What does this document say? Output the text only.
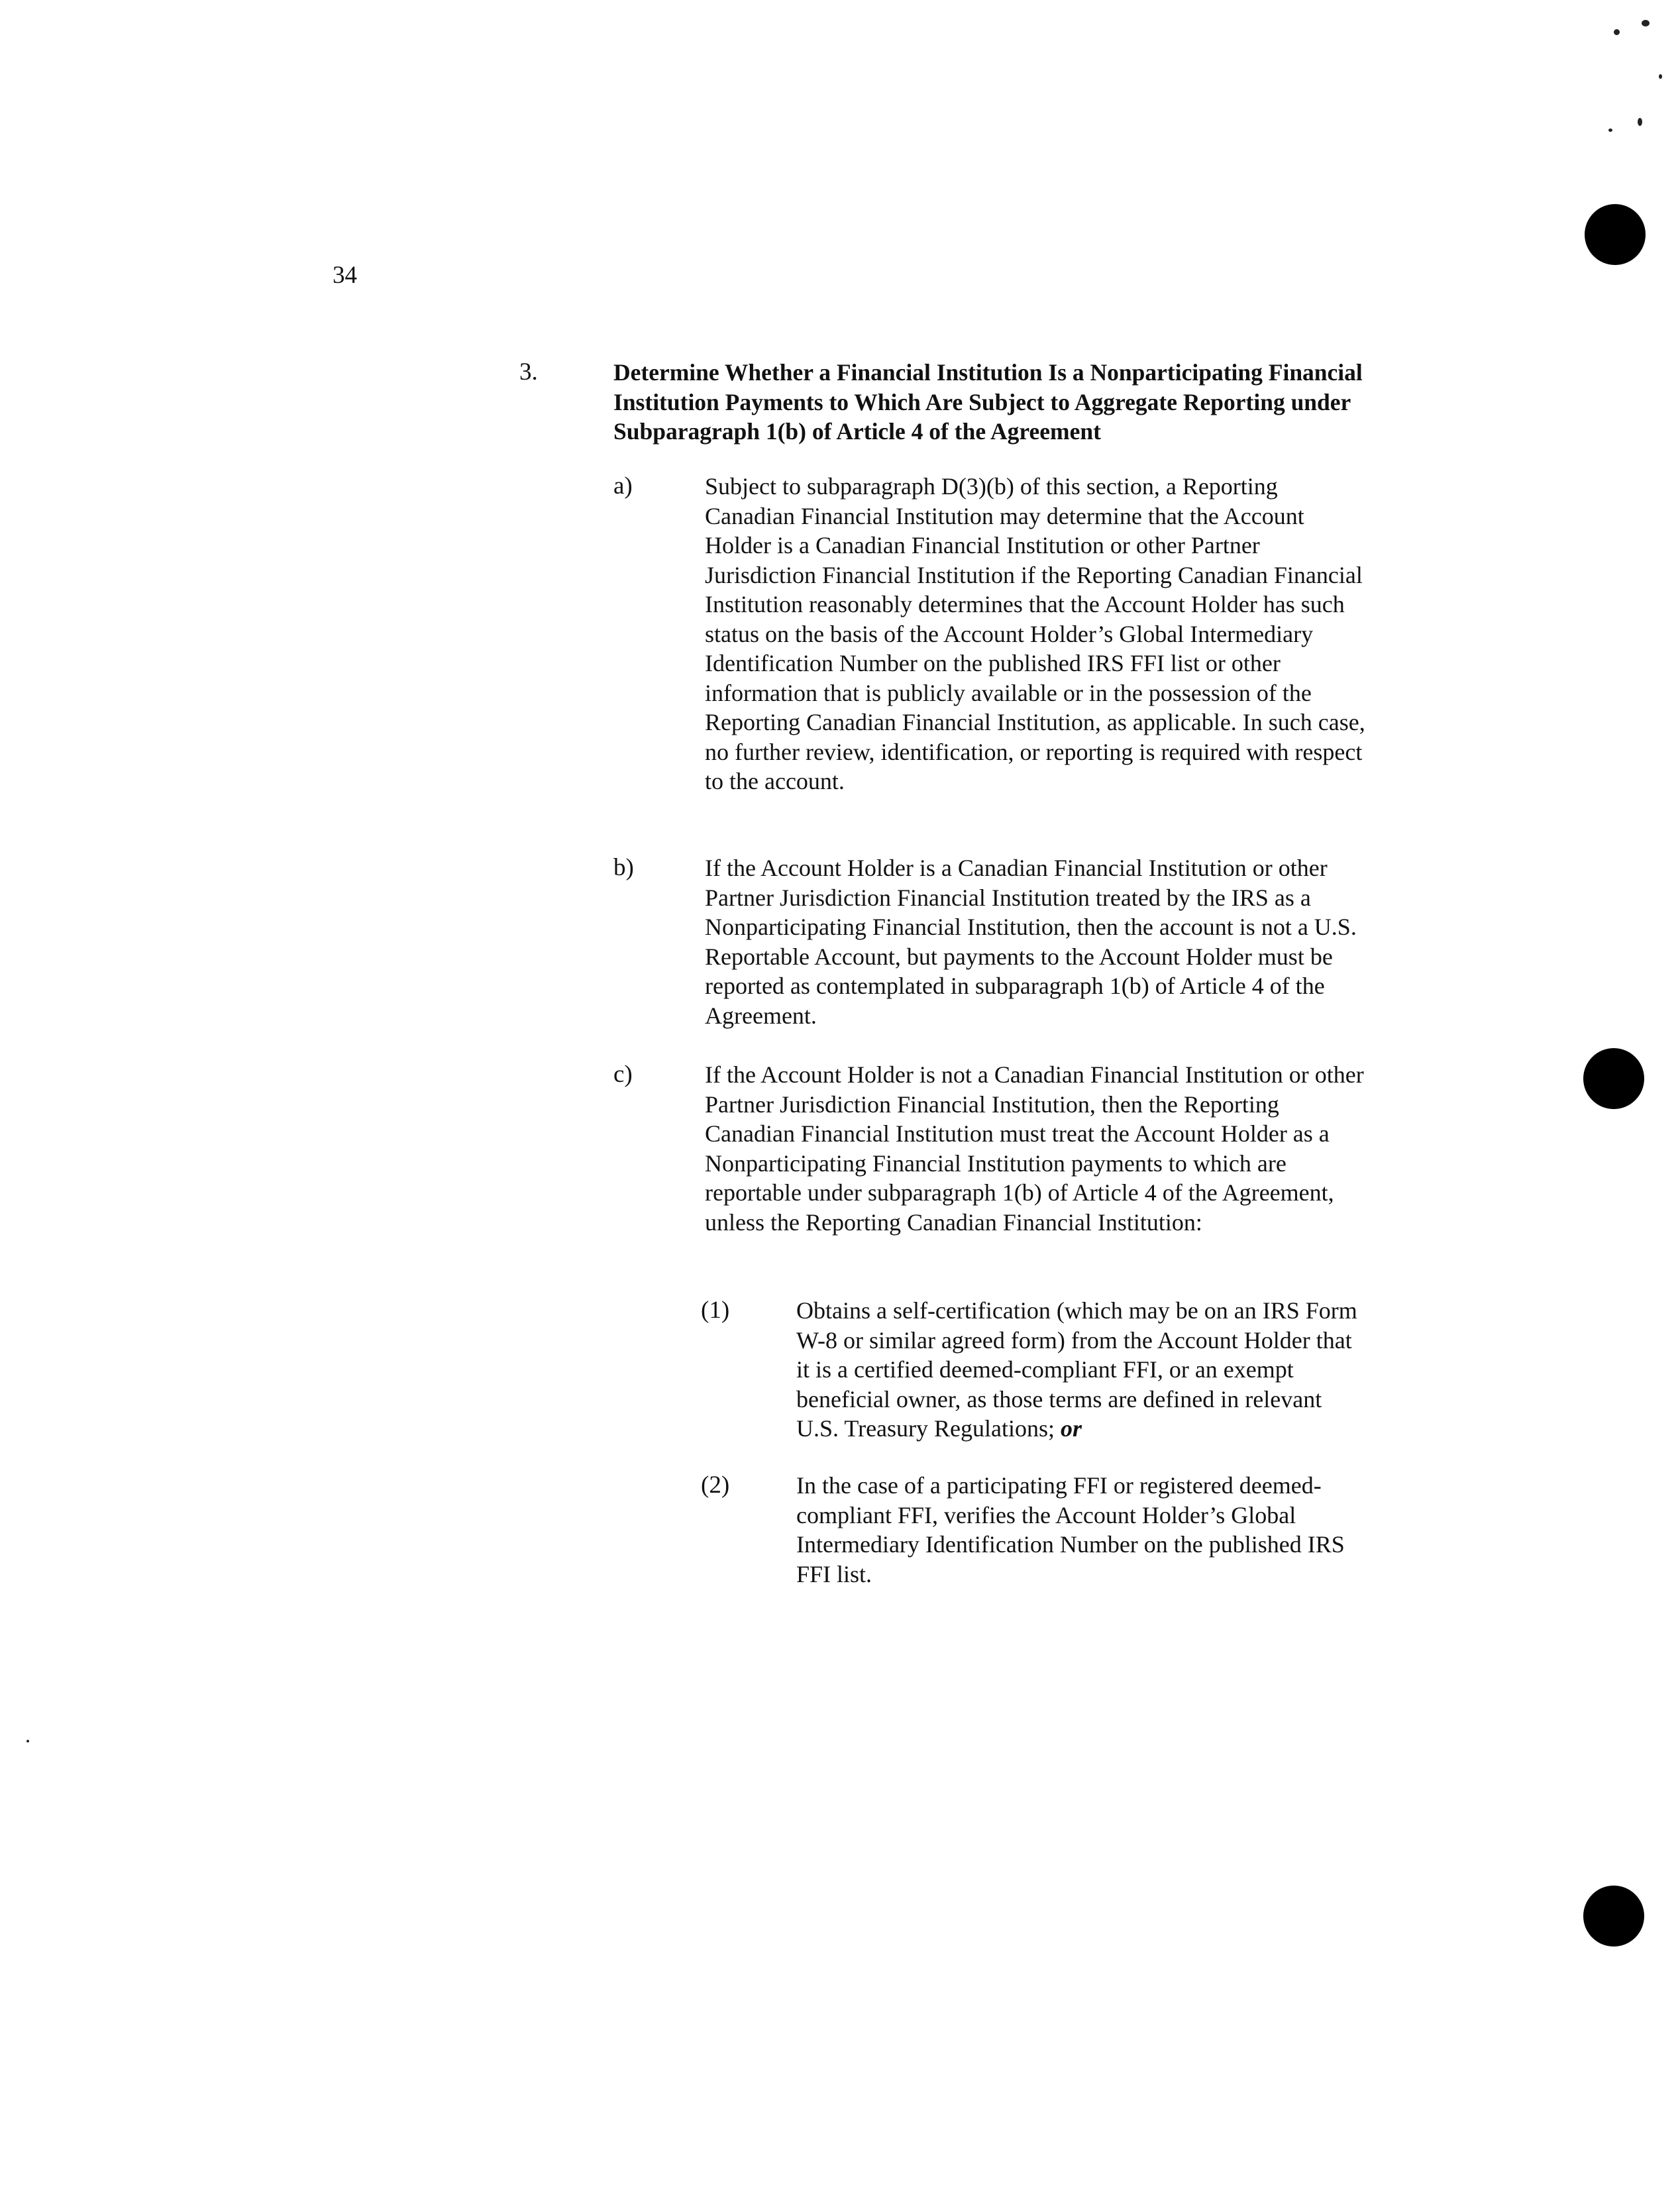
34
3.	Determine Whether a Financial Institution Is a Nonparticipating Financial Institution Payments to Which Are Subject to Aggregate Reporting under Subparagraph 1(b) of Article 4 of the Agreement
a)	Subject to subparagraph D(3)(b) of this section, a Reporting Canadian Financial Institution may determine that the Account Holder is a Canadian Financial Institution or other Partner Jurisdiction Financial Institution if the Reporting Canadian Financial Institution reasonably determines that the Account Holder has such status on the basis of the Account Holder’s Global Intermediary Identification Number on the published IRS FFI list or other information that is publicly available or in the possession of the Reporting Canadian Financial Institution, as applicable. In such case, no further review, identification, or reporting is required with respect to the account.

b)	If the Account Holder is a Canadian Financial Institution or other Partner Jurisdiction Financial Institution treated by the IRS as a Nonparticipating Financial Institution, then the account is not a U.S. Reportable Account, but payments to the Account Holder must be reported as contemplated in subparagraph 1(b) of Article 4 of the Agreement.

c)	If the Account Holder is not a Canadian Financial Institution or other Partner Jurisdiction Financial Institution, then the Reporting Canadian Financial Institution must treat the Account Holder as a Nonparticipating Financial Institution payments to which are reportable under subparagraph 1(b) of Article 4 of the Agreement, unless the Reporting Canadian Financial Institution:

(1)	Obtains a self-certification (which may be on an IRS Form W-8 or similar agreed form) from the Account Holder that it is a certified deemed-compliant FFI, or an exempt beneficial owner, as those terms are defined in relevant U.S. Treasury Regulations; or

(2)	In the case of a participating FFI or registered deemed-compliant FFI, verifies the Account Holder’s Global Intermediary Identification Number on the published IRS FFI list.
